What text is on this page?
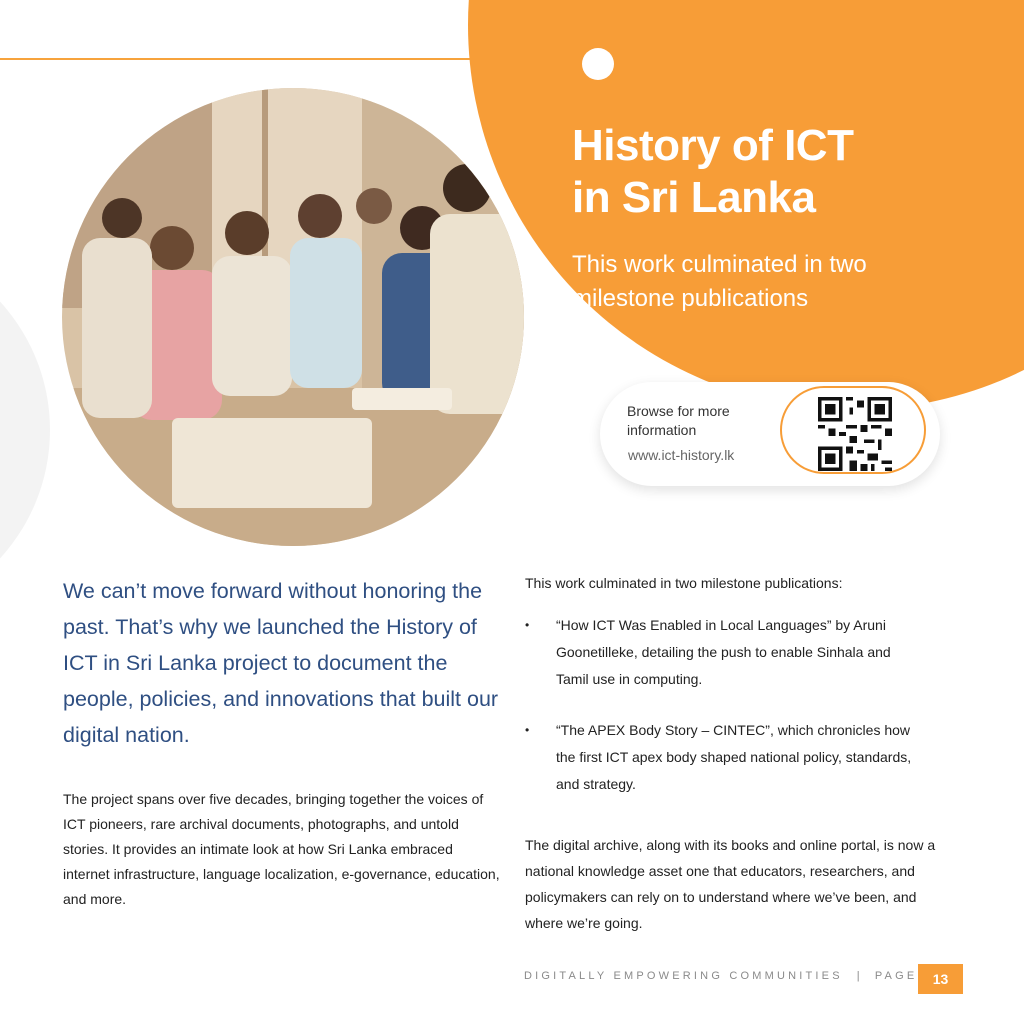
History of ICT
in Sri Lanka

This work culminated in two milestone publications

Browse for more information
www.ict-history.lk

We can’t move forward without honoring the past. That’s why we launched the History of ICT in Sri Lanka project to document the people, policies, and innovations that built our digital nation.

The project spans over five decades, bringing together the voices of ICT pioneers, rare archival documents, photographs, and untold stories. It provides an intimate look at how Sri Lanka embraced internet infrastructure, language localization, e-governance, education, and more.

This work culminated in two milestone publications:

• “How ICT Was Enabled in Local Languages” by Aruni Goonetilleke, detailing the push to enable Sinhala and Tamil use in computing.
• “The APEX Body Story – CINTEC”, which chronicles how the first ICT apex body shaped national policy, standards, and strategy.

The digital archive, along with its books and online portal, is now a national knowledge asset one that educators, researchers, and policymakers can rely on to understand where we’ve been, and where we’re going.

DIGITALLY EMPOWERING COMMUNITIES | PAGE	13
